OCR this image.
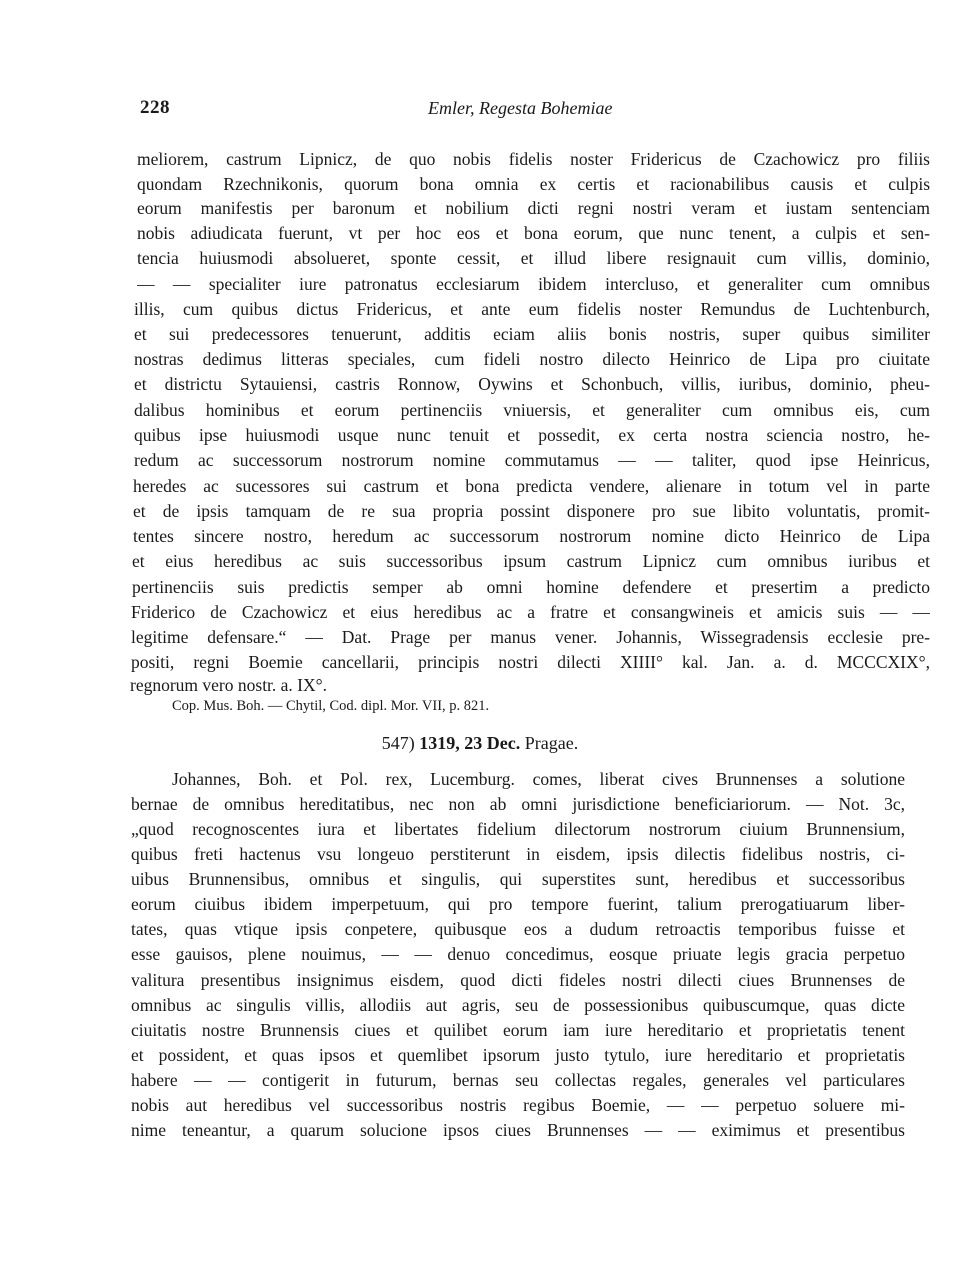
228	Emler, Regesta Bohemiae
meliorem, castrum Lipnicz, de quo nobis fidelis noster Fridericus de Czachowicz pro filiis
quondam Rzechnikonis, quorum bona omnia ex certis et racionabilibus causis et culpis
eorum manifestis per baronum et nobilium dicti regni nostri veram et iustam sentenciam
nobis adiudicata fuerunt, vt per hoc eos et bona eorum, que nunc tenent, a culpis et sen-
tencia huiusmodi absolueret, sponte cessit, et illud libere resignauit cum villis, dominio,
— — specialiter iure patronatus ecclesiarum ibidem intercluso, et generaliter cum omnibus
illis, cum quibus dictus Fridericus, et ante eum fidelis noster Remundus de Luchtenburch,
et sui predecessores tenuerunt, additis eciam aliis bonis nostris, super quibus similiter
nostras dedimus litteras speciales, cum fideli nostro dilecto Heinrico de Lipa pro ciuitate
et districtu Sytauiensi, castris Ronnow, Oywins et Schonbuch, villis, iuribus, dominio, pheu-
dalibus hominibus et eorum pertinenciis vniuersis, et generaliter cum omnibus eis, cum
quibus ipse huiusmodi usque nunc tenuit et possedit, ex certa nostra sciencia nostro, he-
redum ac successorum nostrorum nomine commutamus — — taliter, quod ipse Heinricus,
heredes ac sucessores sui castrum et bona predicta vendere, alienare in totum vel in parte
et de ipsis tamquam de re sua propria possint disponere pro sue libito voluntatis, promit-
tentes sincere nostro, heredum ac successorum nostrorum nomine dicto Heinrico de Lipa
et eius heredibus ac suis successoribus ipsum castrum Lipnicz cum omnibus iuribus et
pertinenciis suis predictis semper ab omni homine defendere et presertim a predicto
Friderico de Czachowicz et eius heredibus ac a fratre et consangwineis et amicis suis — —
legitime defensare.“ — Dat. Prage per manus vener. Johannis, Wissegradensis ecclesie pre-
positi, regni Boemie cancellarii, principis nostri dilecti XIIII° kal. Jan. a. d. MCCCXIX°,
regnorum vero nostr. a. IX°.
Cop. Mus. Boh. — Chytil, Cod. dipl. Mor. VII, p. 821.
547) 1319, 23 Dec. Pragae.
Johannes, Boh. et Pol. rex, Lucemburg. comes, liberat cives Brunnenses a solutione
bernae de omnibus hereditatibus, nec non ab omni jurisdictione beneficiariorum. — Not. 3c,
„quod recognoscentes iura et libertates fidelium dilectorum nostrorum ciuium Brunnensium,
quibus freti hactenus vsu longeuo perstiterunt in eisdem, ipsis dilectis fidelibus nostris, ci-
uibus Brunnensibus, omnibus et singulis, qui superstites sunt, heredibus et successoribus
eorum ciuibus ibidem imperpetuum, qui pro tempore fuerint, talium prerogatiuarum liber-
tates, quas vtique ipsis conpetere, quibusque eos a dudum retroactis temporibus fuisse et
esse gauisos, plene nouimus, — — denuo concedimus, eosque priuate legis gracia perpetuo
valitura presentibus insignimus eisdem, quod dicti fideles nostri dilecti ciues Brunnenses de
omnibus ac singulis villis, allodiis aut agris, seu de possessionibus quibuscumque, quas dicte
ciuitatis nostre Brunnensis ciues et quilibet eorum iam iure hereditario et proprietatis tenent
et possident, et quas ipsos et quemlibet ipsorum justo tytulo, iure hereditario et proprietatis
habere — — contigerit in futurum, bernas seu collectas regales, generales vel particulares
nobis aut heredibus vel successoribus nostris regibus Boemie, — — perpetuo soluere mi-
nime teneantur, a quarum solucione ipsos ciues Brunnenses — — eximimus et presentibus
